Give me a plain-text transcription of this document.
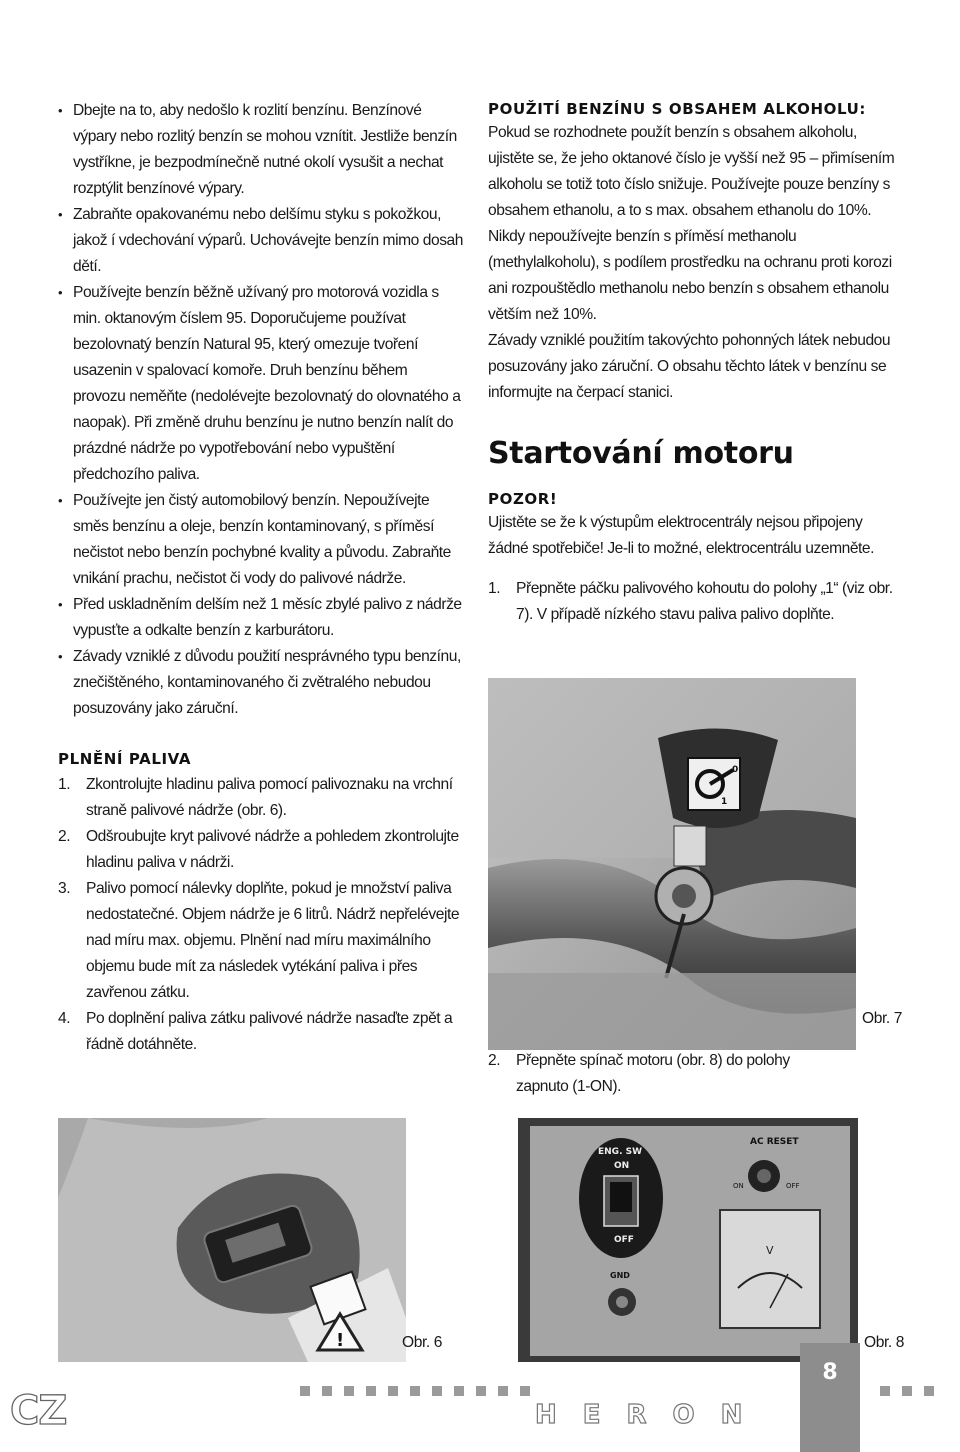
• Dbejte na to, aby nedošlo k rozlití benzínu. Benzínové výpary nebo rozlitý benzín se mohou vznítit. Jestliže benzín vystříkne, je bezpodmínečně nutné okolí vysušit a nechat rozptýlit benzínové výpary.
• Zabraňte opakovanému nebo delšímu styku s pokožkou, jakož í vdechování výparů. Uchovávejte benzín mimo dosah dětí.
• Používejte benzín běžně užívaný pro motorová vozidla s min. oktanovým číslem 95. Doporučujeme používat bezolovnatý benzín Natural 95, který omezuje tvoření usazenin v spalovací komoře. Druh benzínu během provozu neměňte (nedolévejte bezolovnatý do olovnatého a naopak). Při změně druhu benzínu je nutno benzín nalít do prázdné nádrže po vypotřebování nebo vypuštění předchozího paliva.
• Používejte jen čistý automobilový benzín. Nepoužívejte směs benzínu a oleje, benzín kontaminovaný, s příměsí nečistot nebo benzín pochybné kvality a původu. Zabraňte vnikání prachu, nečistot či vody do palivové nádrže.
• Před uskladněním delším než 1 měsíc zbylé palivo z nádrže vypusťte a odkalte benzín z karburátoru.
• Závady vzniklé z důvodu použití nesprávného typu benzínu, znečištěného, kontaminovaného či zvětralého nebudou posuzovány jako záruční.
PLNĚNÍ PALIVA
1. Zkontrolujte hladinu paliva pomocí palivoznaku na vrchní straně palivové nádrže (obr. 6).
2. Odšroubujte kryt palivové nádrže a pohledem zkontrolujte hladinu paliva v nádrži.
3. Palivo pomocí nálevky doplňte, pokud je množství paliva nedostatečné. Objem nádrže je 6 litrů. Nádrž nepřelévejte nad míru max. objemu. Plnění nad míru maximálního objemu bude mít za následek vytékání paliva i přes zavřenou zátku.
4. Po doplnění paliva zátku palivové nádrže nasaďte zpět a řádně dotáhněte.
POUŽITÍ BENZÍNU S OBSAHEM ALKOHOLU:

Pokud se rozhodnete použít benzín s obsahem alkoholu, ujistěte se, že jeho oktanové číslo je vyšší než 95 – přimísením alkoholu se totiž toto číslo snižuje. Používejte pouze benzíny s obsahem ethanolu, a to s max. obsahem ethanolu do 10%. Nikdy nepoužívejte benzín s příměsí methanolu (methylalkoholu), s podílem prostředku na ochranu proti korozi ani rozpouštědlo methanolu nebo benzín s obsahem ethanolu větším než 10%.

Závady vzniklé použitím takovýchto pohonných látek nebudou posuzovány jako záruční. O obsahu těchto látek v benzínu se informujte na čerpací stanici.

Startování motoru
POZOR!

Ujistěte se že k výstupům elektrocentrály nejsou připojeny žádné spotřebiče! Je-li to možné, elektrocentrálu uzemněte.

1. Přepněte páčku palivového kohoutu do polohy „1“ (viz obr. 7). V případě nízkého stavu paliva palivo doplňte.
0
1
Obr. 7
2. Přepněte spínač motoru (obr. 8) do polohy zapnuto (1-ON).
!	Obr. 6
ENG. SW
ON
OFF
AC RESET
ON	OFF
V
GND
Obr. 8
CZ	HERON
8
